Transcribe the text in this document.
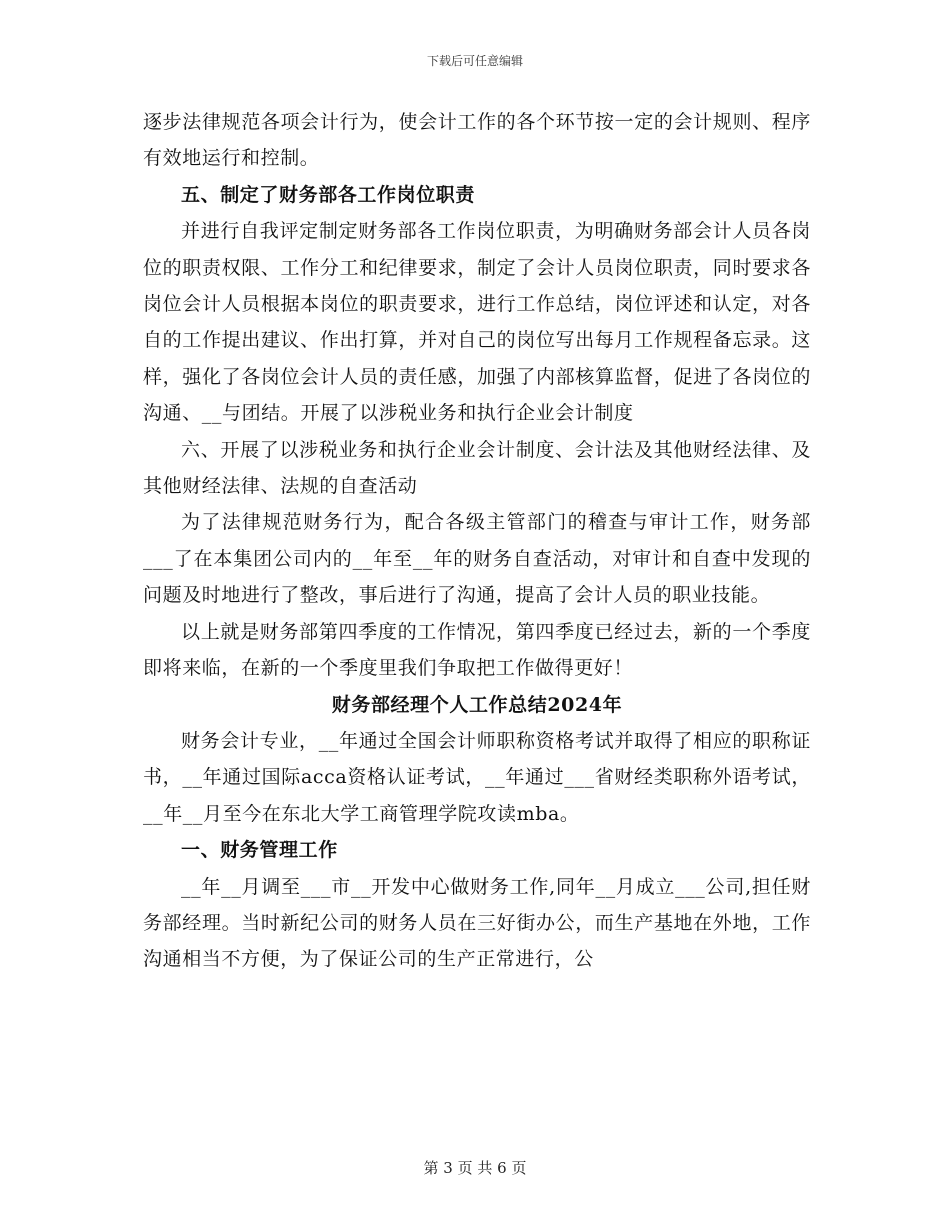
下载后可任意编辑

逐步法律规范各项会计行为，使会计工作的各个环节按一定的会计规则、程序有效地运行和控制。

五、制定了财务部各工作岗位职责

并进行自我评定制定财务部各工作岗位职责，为明确财务部会计人员各岗位的职责权限、工作分工和纪律要求，制定了会计人员岗位职责，同时要求各岗位会计人员根据本岗位的职责要求，进行工作总结，岗位评述和认定，对各自的工作提出建议、作出打算，并对自己的岗位写出每月工作规程备忘录。这样，强化了各岗位会计人员的责任感，加强了内部核算监督，促进了各岗位的沟通、__与团结。开展了以涉税业务和执行企业会计制度

六、开展了以涉税业务和执行企业会计制度、会计法及其他财经法律、及其他财经法律、法规的自查活动

为了法律规范财务行为，配合各级主管部门的稽查与审计工作，财务部___了在本集团公司内的__年至__年的财务自查活动，对审计和自查中发现的问题及时地进行了整改，事后进行了沟通，提高了会计人员的职业技能。

以上就是财务部第四季度的工作情况，第四季度已经过去，新的一个季度即将来临，在新的一个季度里我们争取把工作做得更好！

财务部经理个人工作总结2024年

财务会计专业，__年通过全国会计师职称资格考试并取得了相应的职称证书，__年通过国际acca资格认证考试，__年通过___省财经类职称外语考试，__年__月至今在东北大学工商管理学院攻读mba。

一、财务管理工作

__年__月调至___市__开发中心做财务工作,同年__月成立___公司,担任财务部经理。当时新纪公司的财务人员在三好街办公，而生产基地在外地，工作沟通相当不方便，为了保证公司的生产正常进行，公

第 3 页 共 6 页
